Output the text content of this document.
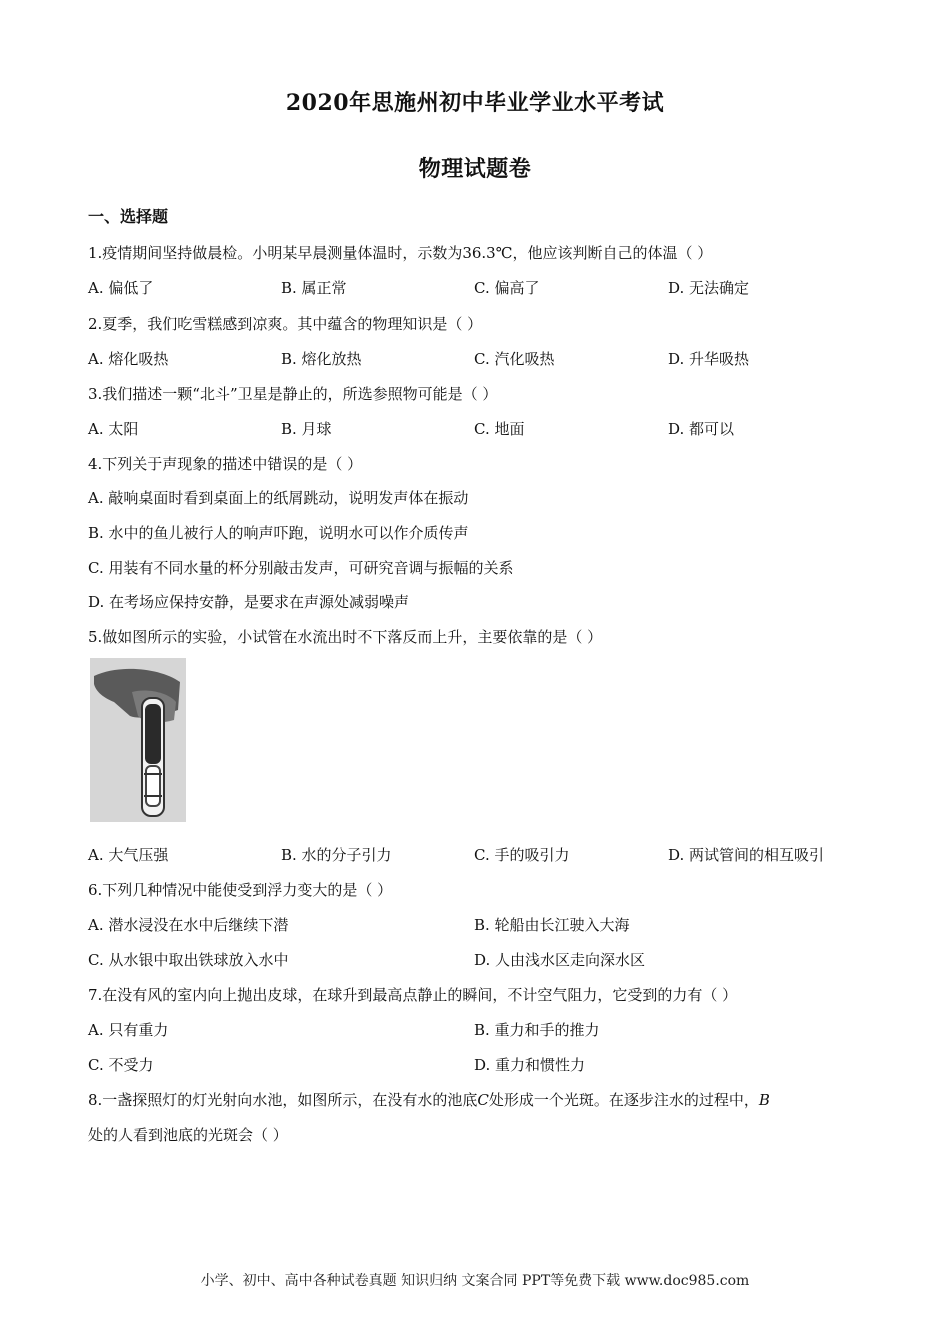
2020年思施州初中毕业学业水平考试
物理试题卷
一、选择题
1.疫情期间坚持做晨检。小明某早晨测量体温时，示数为36.3℃，他应该判断自己的体温（ ）
A. 偏低了	B. 属正常	C. 偏高了	D. 无法确定
2.夏季，我们吃雪糕感到凉爽。其中蕴含的物理知识是（ ）
A. 熔化吸热	B. 熔化放热	C. 汽化吸热	D. 升华吸热
3.我们描述一颗“北斗”卫星是静止的，所选参照物可能是（ ）
A. 太阳	B. 月球	C. 地面	D. 都可以
4.下列关于声现象的描述中错误的是（ ）
A. 敲响桌面时看到桌面上的纸屑跳动，说明发声体在振动
B. 水中的鱼儿被行人的响声吓跑，说明水可以作介质传声
C. 用装有不同水量的杯分别敲击发声，可研究音调与振幅的关系
D. 在考场应保持安静，是要求在声源处减弱噪声
5.做如图所示的实验，小试管在水流出时不下落反而上升，主要依靠的是（ ）
A. 大气压强	B. 水的分子引力	C. 手的吸引力	D. 两试管间的相互吸引
6.下列几种情况中能使受到浮力变大的是（ ）
A. 潜水浸没在水中后继续下潜	B. 轮船由长江驶入大海
C. 从水银中取出铁球放入水中	D. 人由浅水区走向深水区
7.在没有风的室内向上抛出皮球，在球升到最高点静止的瞬间，不计空气阻力，它受到的力有（ ）
A. 只有重力	B. 重力和手的推力
C. 不受力	D. 重力和惯性力
8.一盏探照灯的灯光射向水池，如图所示，在没有水的池底C处形成一个光斑。在逐步注水的过程中，B
处的人看到池底的光斑会（ ）
小学、初中、高中各种试卷真题 知识归纳 文案合同 PPT等免费下载 www.doc985.com
